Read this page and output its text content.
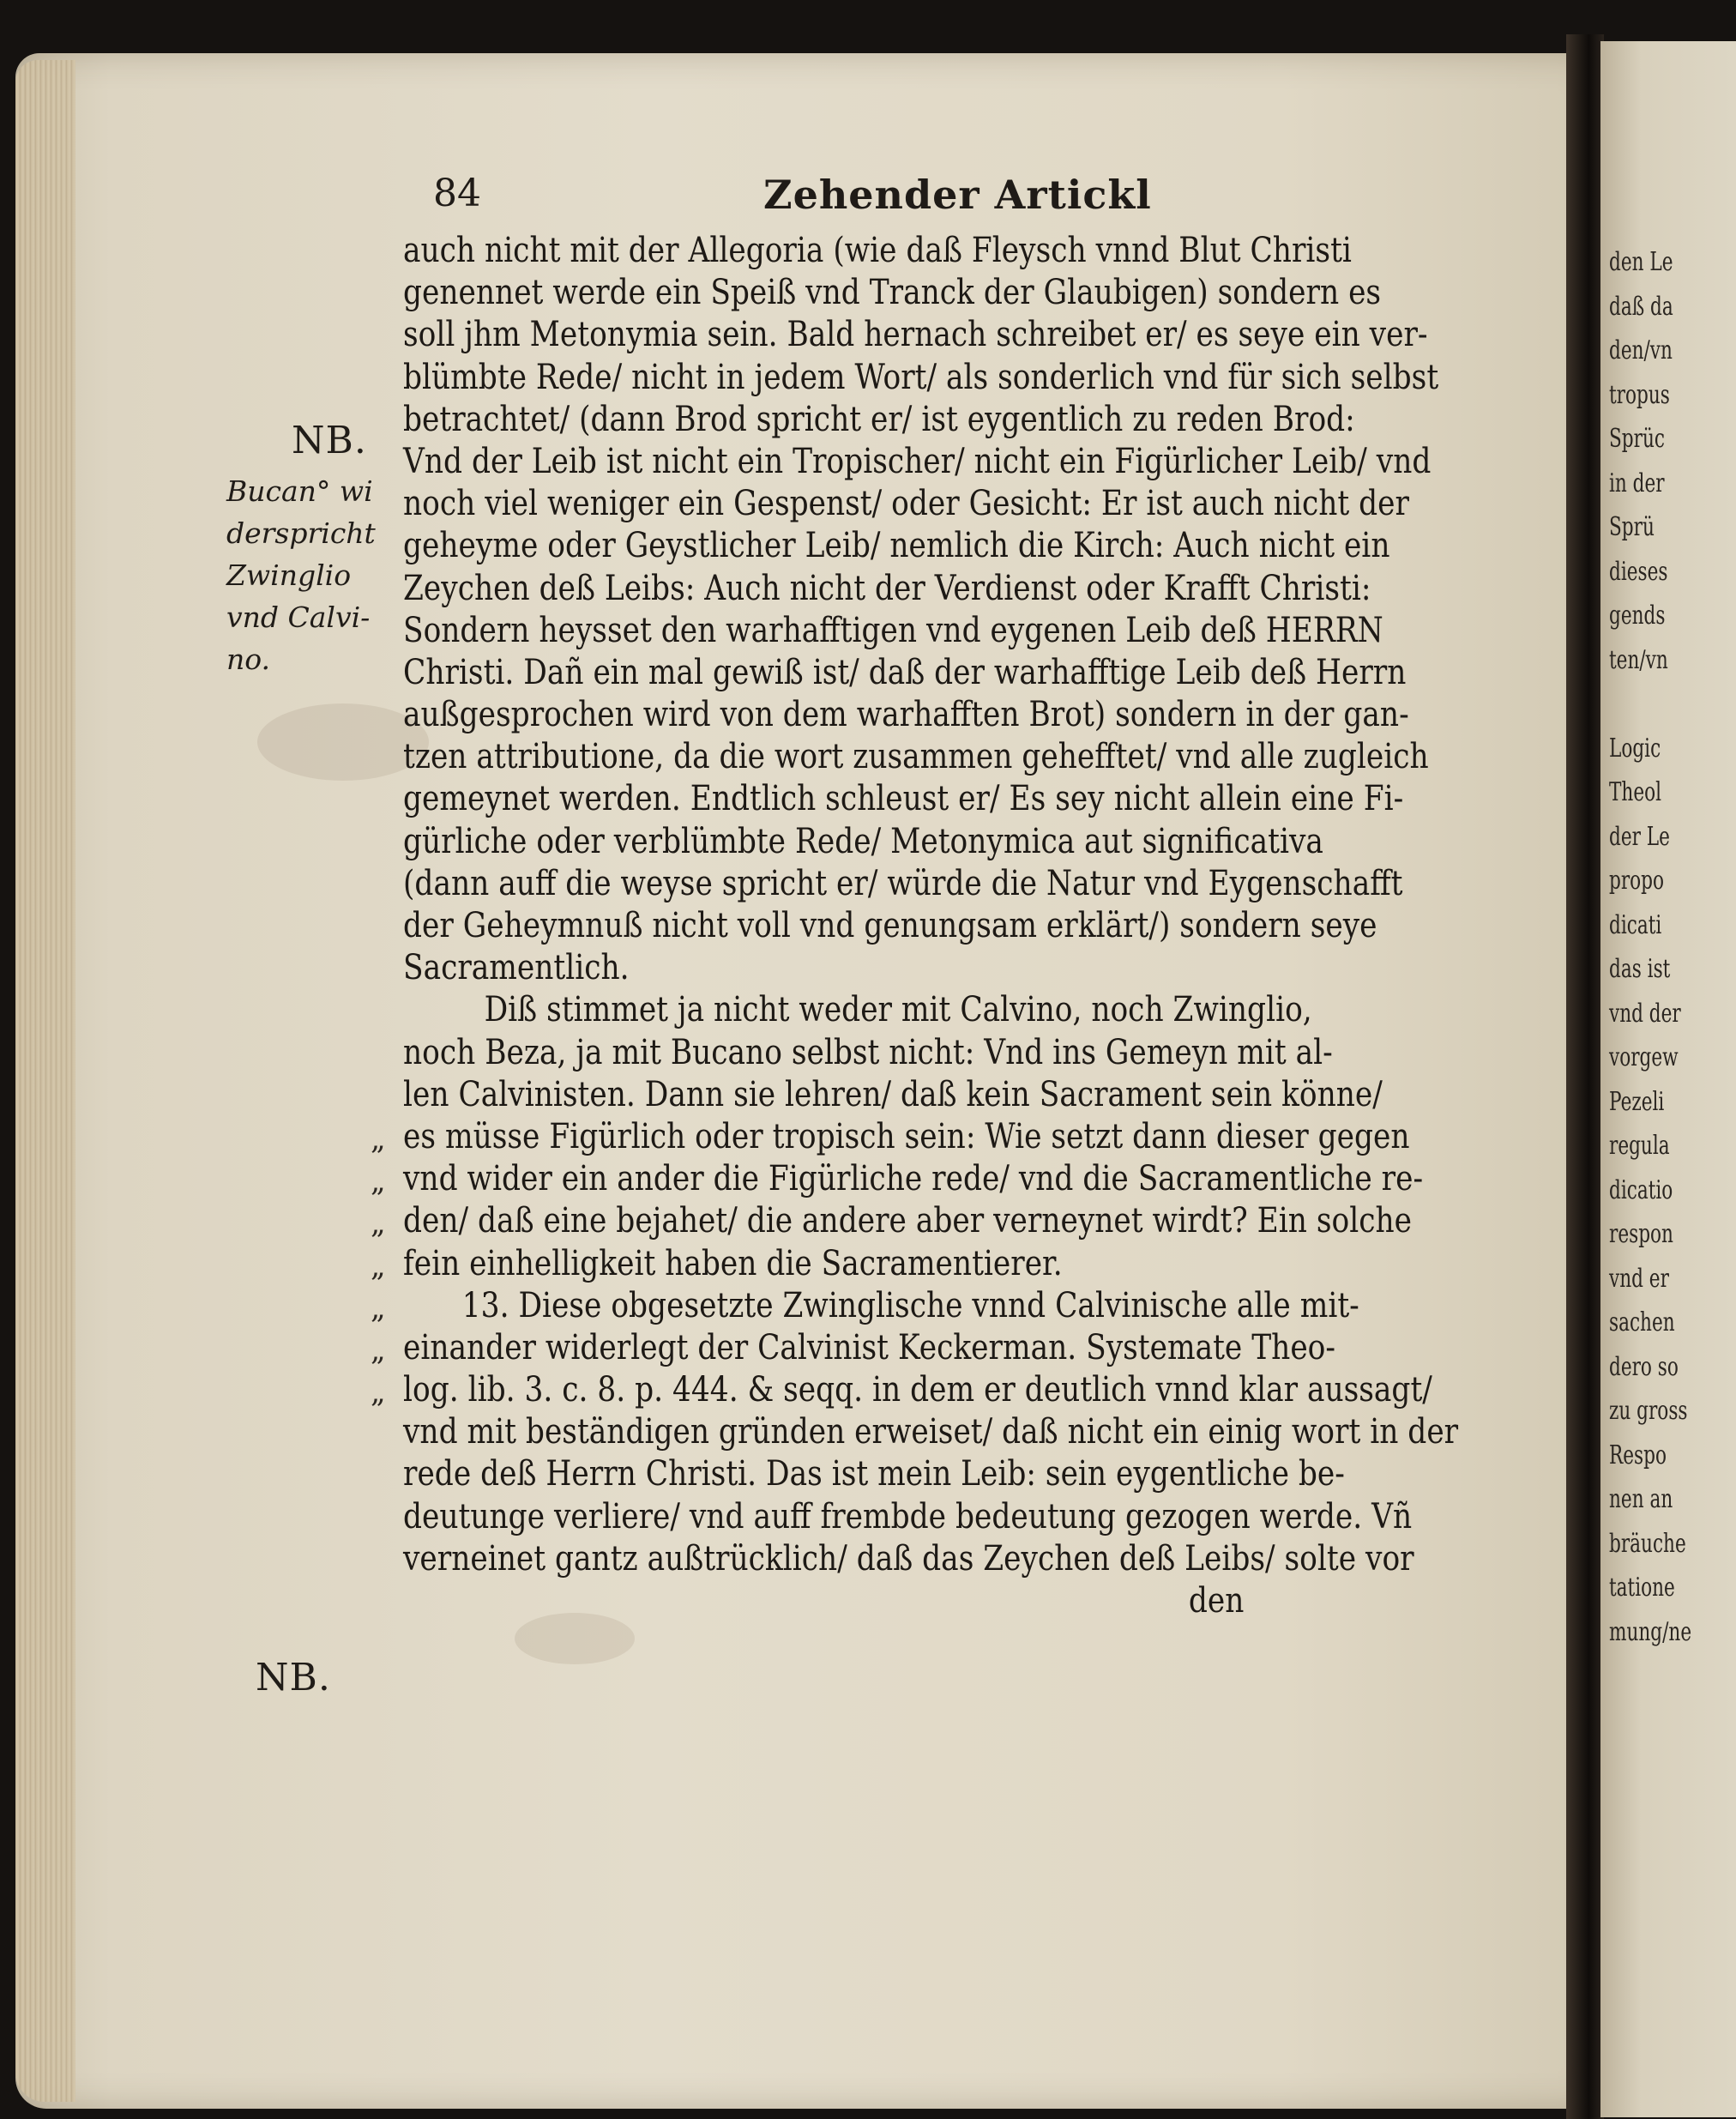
den Le
daß da
den/vn
tropus
Sprüc
in der
Sprü
dieses
gends
ten/vn
Logic
Theol
der Le
propo
dicati
das ist
vnd der
vorgew
Pezeli
regula
dicatio
respon
vnd er
sachen
dero so
zu gross
Respo
nen an
bräuche
tatione
mung/ne
84	Zehender Artickl
NB.
Bucan° wi
derspricht
Zwinglio
vnd Calvi-
no.
NB.
„
„
„
„
„
„
„
auch nicht mit der Allegoria (wie daß Fleysch vnnd Blut Christi
genennet werde ein Speiß vnd Tranck der Glaubigen) sondern es
soll jhm Metonymia sein. Bald hernach schreibet er/ es seye ein ver-
blümbte Rede/ nicht in jedem Wort/ als sonderlich vnd für sich selbst
betrachtet/ (dann Brod spricht er/ ist eygentlich zu reden Brod:
Vnd der Leib ist nicht ein Tropischer/ nicht ein Figürlicher Leib/ vnd
noch viel weniger ein Gespenst/ oder Gesicht: Er ist auch nicht der
geheyme oder Geystlicher Leib/ nemlich die Kirch: Auch nicht ein
Zeychen deß Leibs: Auch nicht der Verdienst oder Krafft Christi:
Sondern heysset den warhafftigen vnd eygenen Leib deß HERRN
Christi. Dañ ein mal gewiß ist/ daß der warhafftige Leib deß Herrn
außgesprochen wird von dem warhafften Brot) sondern in der gan-
tzen attributione, da die wort zusammen gehefftet/ vnd alle zugleich
gemeynet werden. Endtlich schleust er/ Es sey nicht allein eine Fi-
gürliche oder verblümbte Rede/ Metonymica aut significativa
(dann auff die weyse spricht er/ würde die Natur vnd Eygenschafft
der Geheymnuß nicht voll vnd genungsam erklärt/) sondern seye
Sacramentlich.
Diß stimmet ja nicht weder mit Calvino, noch Zwinglio,
noch Beza, ja mit Bucano selbst nicht: Vnd ins Gemeyn mit al-
len Calvinisten. Dann sie lehren/ daß kein Sacrament sein könne/
es müsse Figürlich oder tropisch sein: Wie setzt dann dieser gegen
vnd wider ein ander die Figürliche rede/ vnd die Sacramentliche re-
den/ daß eine bejahet/ die andere aber verneynet wirdt? Ein solche
fein einhelligkeit haben die Sacramentierer.
13. Diese obgesetzte Zwinglische vnnd Calvinische alle mit-
einander widerlegt der Calvinist Keckerman. Systemate Theo-
log. lib. 3. c. 8. p. 444. & seqq. in dem er deutlich vnnd klar aussagt/
vnd mit beständigen gründen erweiset/ daß nicht ein einig wort in der
rede deß Herrn Christi. Das ist mein Leib: sein eygentliche be-
deutunge verliere/ vnd auff frembde bedeutung gezogen werde. Vñ
verneinet gantz außtrücklich/ daß das Zeychen deß Leibs/ solte vor
den
